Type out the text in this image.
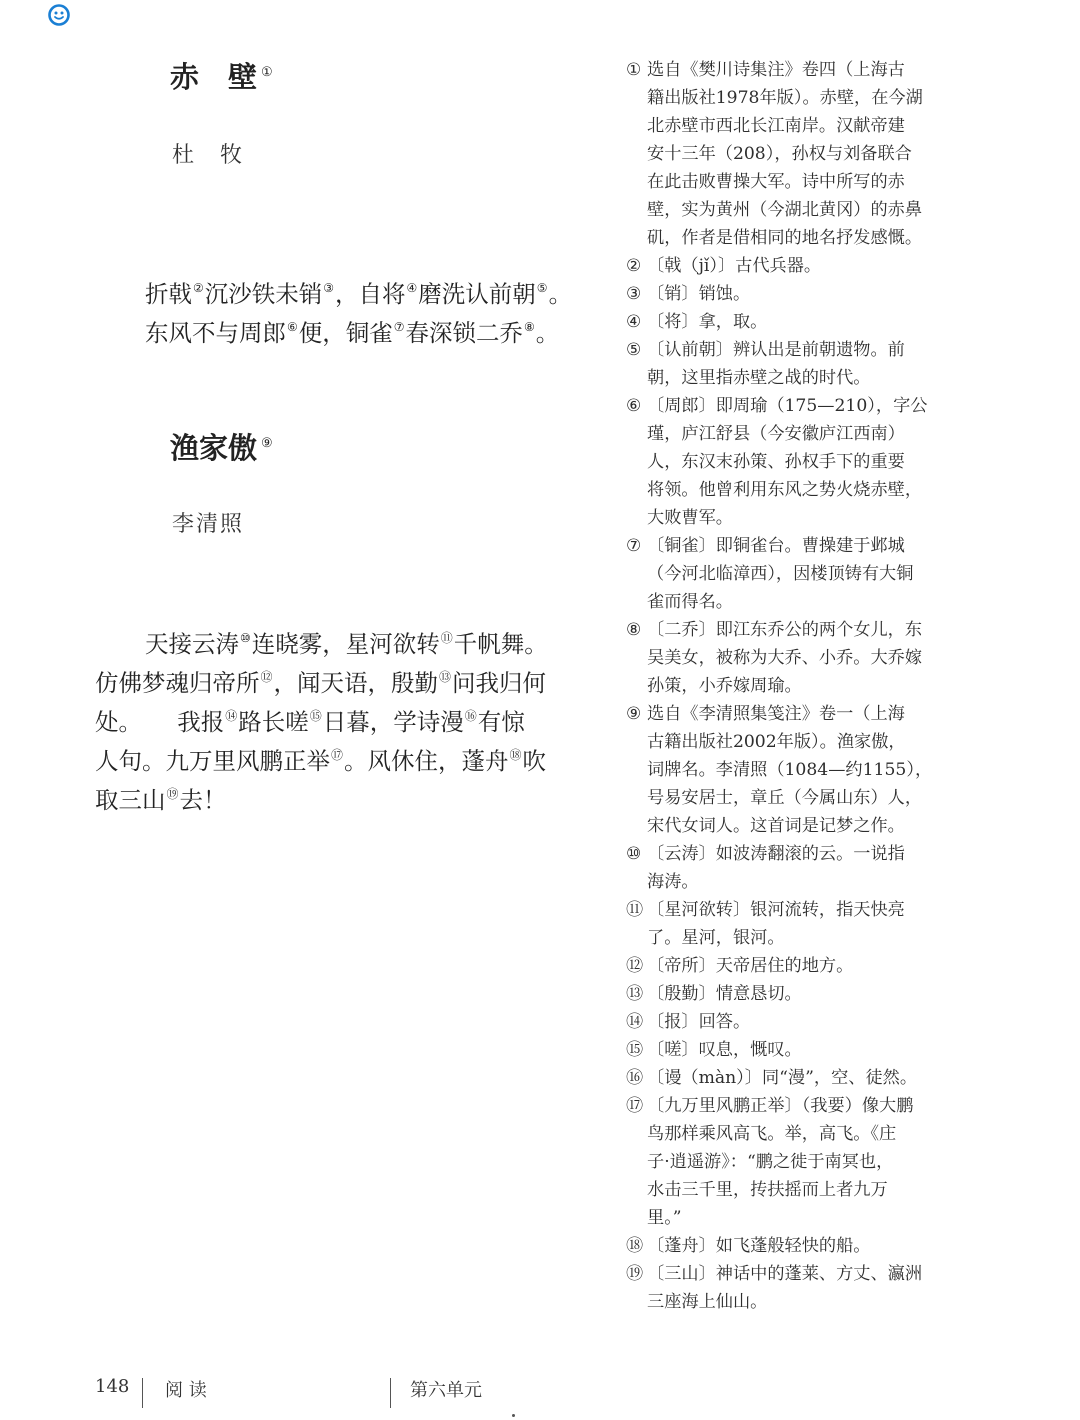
赤　壁 ①
杜　牧
折戟②沉沙铁未销③，自将④磨洗认前朝⑤。
东风不与周郎⑥便，铜雀⑦春深锁二乔⑧。
渔家傲 ⑨
李清照
天接云涛⑩连晓雾，星河欲转⑪千帆舞。
仿佛梦魂归帝所⑫，闻天语，殷勤⑬问我归何
处。　　我报⑭路长嗟⑮日暮，学诗漫⑯有惊
人句。九万里风鹏正举⑰。风休住，蓬舟⑱吹
取三山⑲去！
① 选自《樊川诗集注》卷四（上海古
籍出版社1978年版）。赤壁，在今湖
北赤壁市西北长江南岸。汉献帝建
安十三年（208），孙权与刘备联合
在此击败曹操大军。诗中所写的赤
壁，实为黄州（今湖北黄冈）的赤鼻
矶，作者是借相同的地名抒发感慨。
② 〔戟（jǐ）〕古代兵器。
③ 〔销〕销蚀。
④ 〔将〕拿，取。
⑤ 〔认前朝〕辨认出是前朝遗物。前
朝，这里指赤壁之战的时代。
⑥ 〔周郎〕即周瑜（175—210），字公
瑾，庐江舒县（今安徽庐江西南）
人，东汉末孙策、孙权手下的重要
将领。他曾利用东风之势火烧赤壁，
大败曹军。
⑦ 〔铜雀〕即铜雀台。曹操建于邺城
（今河北临漳西），因楼顶铸有大铜
雀而得名。
⑧ 〔二乔〕即江东乔公的两个女儿，东
吴美女，被称为大乔、小乔。大乔嫁
孙策，小乔嫁周瑜。
⑨ 选自《李清照集笺注》卷一（上海
古籍出版社2002年版）。渔家傲，
词牌名。李清照（1084—约1155），
号易安居士，章丘（今属山东）人，
宋代女词人。这首词是记梦之作。
⑩ 〔云涛〕如波涛翻滚的云。一说指
海涛。
⑪ 〔星河欲转〕银河流转，指天快亮
了。星河，银河。
⑫ 〔帝所〕天帝居住的地方。
⑬ 〔殷勤〕情意恳切。
⑭ 〔报〕回答。
⑮ 〔嗟〕叹息，慨叹。
⑯ 〔谩（màn）〕同“漫”，空、徒然。
⑰ 〔九万里风鹏正举〕（我要）像大鹏
鸟那样乘风高飞。举，高飞。《庄
子·逍遥游》：“鹏之徙于南冥也，
水击三千里，抟扶摇而上者九万
里。”
⑱ 〔蓬舟〕如飞蓬般轻快的船。
⑲ 〔三山〕神话中的蓬莱、方丈、瀛洲
三座海上仙山。
148 阅 读	第六单元
